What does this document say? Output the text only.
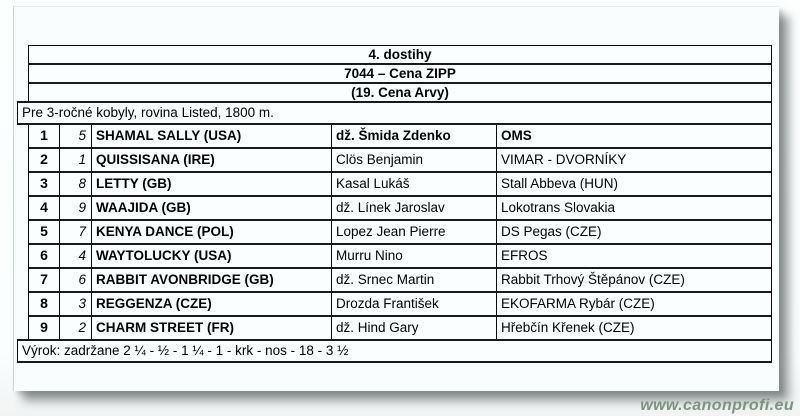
4. dostihy
7044 – Cena ZIPP
(19. Cena Arvy)
Pre 3-ročné kobyly, rovina Listed, 1800 m.
1	5 SHAMAL SALLY (USA)	dž. Šmida Zdenko	OMS
2	1 QUISSISANA (IRE)	Clös Benjamin	VIMAR - DVORNÍKY
3	8 LETTY (GB)	Kasal Lukáš	Stall Abbeva (HUN)
4	9 WAAJIDA (GB)	dž. Línek Jaroslav	Lokotrans Slovakia
5	7 KENYA DANCE (POL)	Lopez Jean Pierre	DS Pegas (CZE)
6	4 WAYTOLUCKY (USA)	Murru Nino	EFROS
7	6 RABBIT AVONBRIDGE (GB)	dž. Srnec Martin	Rabbit Trhový Štěpánov (CZE)
8	3 REGGENZA (CZE)	Drozda František	EKOFARMA Rybár (CZE)
9	2 CHARM STREET (FR)	dž. Hind Gary	Hřebčín Křenek (CZE)
Výrok: zadržane 2 ¼ - ½ - 1 ¼ - 1 - krk - nos - 18 - 3 ½
www.canonprofi.eu
